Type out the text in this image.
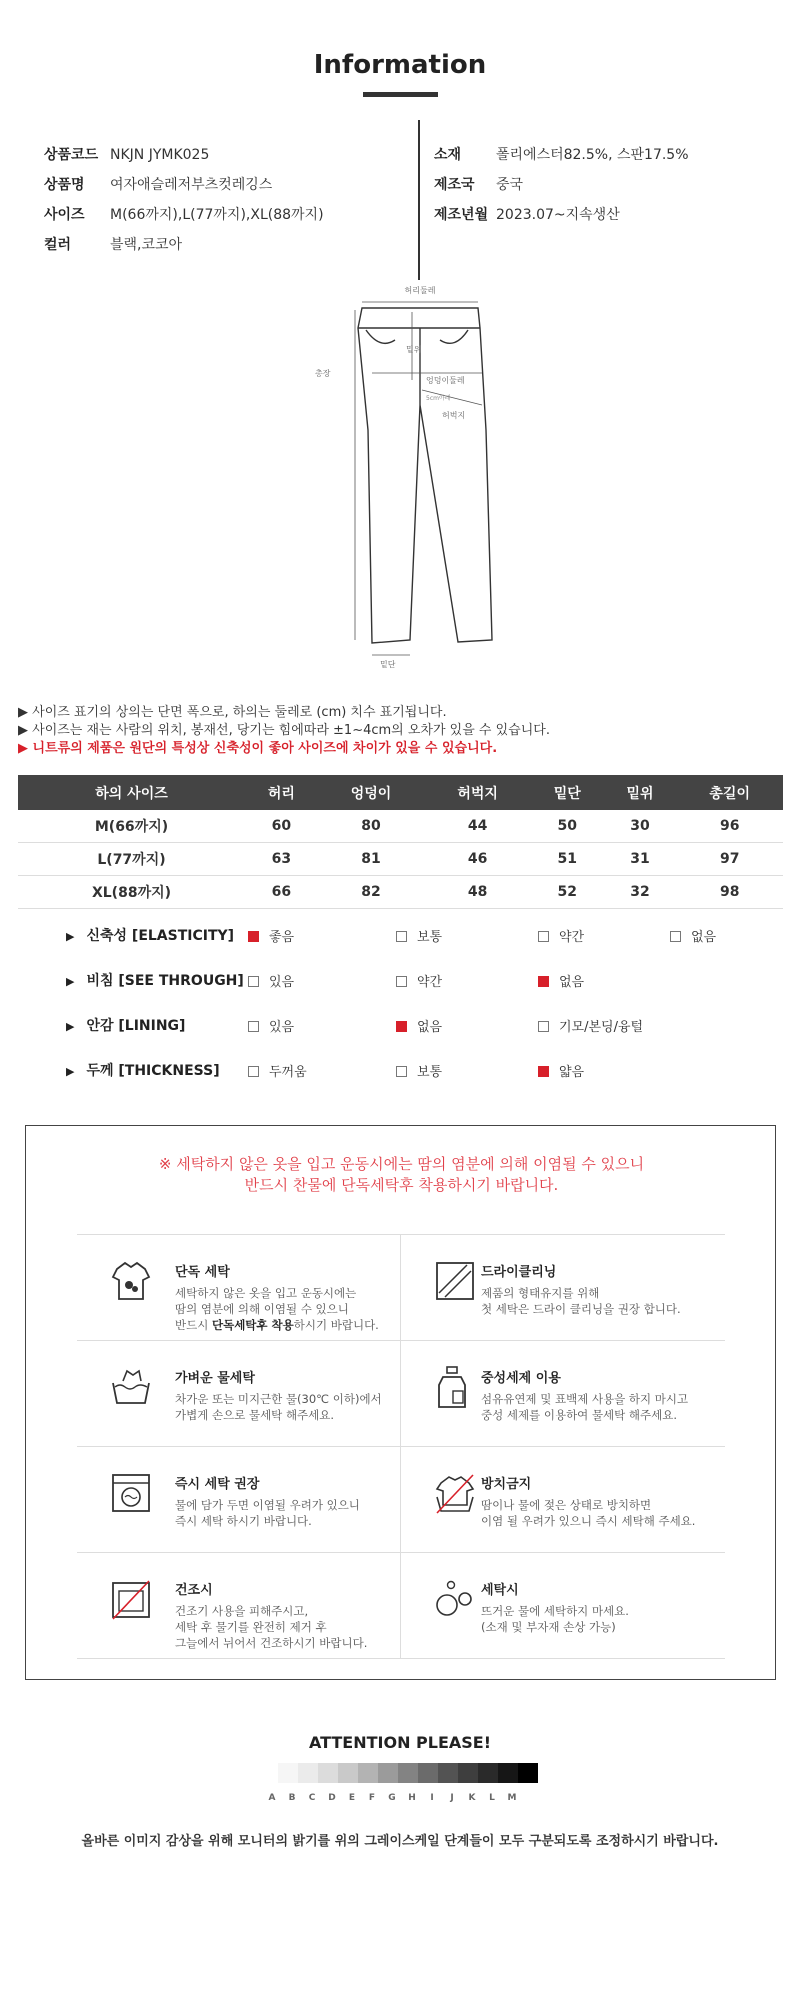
Information
상품코드 NKJN JYMK025
상품명 여자애슬레저부츠컷레깅스
사이즈 M(66까지),L(77까지),XL(88까지)
컬러	블랙,코코아
소재 폴리에스터82.5%, 스판17.5%
제조국 중국
제조년월 2023.07~지속생산
허리둘레
밑위
엉덩이둘레
5cm아래
허벅지
총장
밑단
▶ 사이즈 표기의 상의는 단면 폭으로, 하의는 둘레로 (cm) 치수 표기됩니다.
▶ 사이즈는 재는 사람의 위치, 봉재선, 당기는 힘에따라 ±1~4cm의 오차가 있을 수 있습니다.
▶ 니트류의 제품은 원단의 특성상 신축성이 좋아 사이즈에 차이가 있을 수 있습니다.
하의 사이즈	허리	엉덩이	허벅지	밑단	밑위	총길이
M(66까지)	60	80	44	50	30	96
L(77까지)	63	81	46	51	31	97
XL(88까지)	66	82	48	52	32	98
▶ 신축성 [ELASTICITY]	좋음	보통	약간	없음
▶ 비침 [SEE THROUGH]	있음	약간	없음
▶ 안감 [LINING]	있음	없음	기모/본딩/융털
▶ 두께 [THICKNESS]	두꺼움	보통	얇음
※ 세탁하지 않은 옷을 입고 운동시에는 땀의 염분에 의해 이염될 수 있으니
반드시 찬물에 단독세탁후 착용하시기 바랍니다.
단독 세탁
세탁하지 않은 옷을 입고 운동시에는
땀의 염분에 의해 이염될 수 있으니
반드시 단독세탁후 착용하시기 바랍니다.
드라이클리닝
제품의 형태유지를 위해
첫 세탁은 드라이 클리닝을 권장 합니다.
가벼운 물세탁
차가운 또는 미지근한 물(30℃ 이하)에서
가볍게 손으로 물세탁 해주세요.
중성세제 이용
섬유유연제 및 표백제 사용을 하지 마시고
중성 세제를 이용하여 물세탁 해주세요.
즉시 세탁 권장
물에 담가 두면 이염될 우려가 있으니
즉시 세탁 하시기 바랍니다.
방치금지
땀이나 물에 젖은 상태로 방치하면
이염 될 우려가 있으니 즉시 세탁해 주세요.
건조시
건조기 사용을 피해주시고,
세탁 후 물기를 완전히 제거 후
그늘에서 뉘어서 건조하시기 바랍니다.
세탁시
뜨거운 물에 세탁하지 마세요.
(소재 및 부자재 손상 가능)
ATTENTION PLEASE!
A B C D E F G H I J K L M
올바른 이미지 감상을 위해 모니터의 밝기를 위의 그레이스케일 단계들이 모두 구분되도록 조정하시기 바랍니다.
